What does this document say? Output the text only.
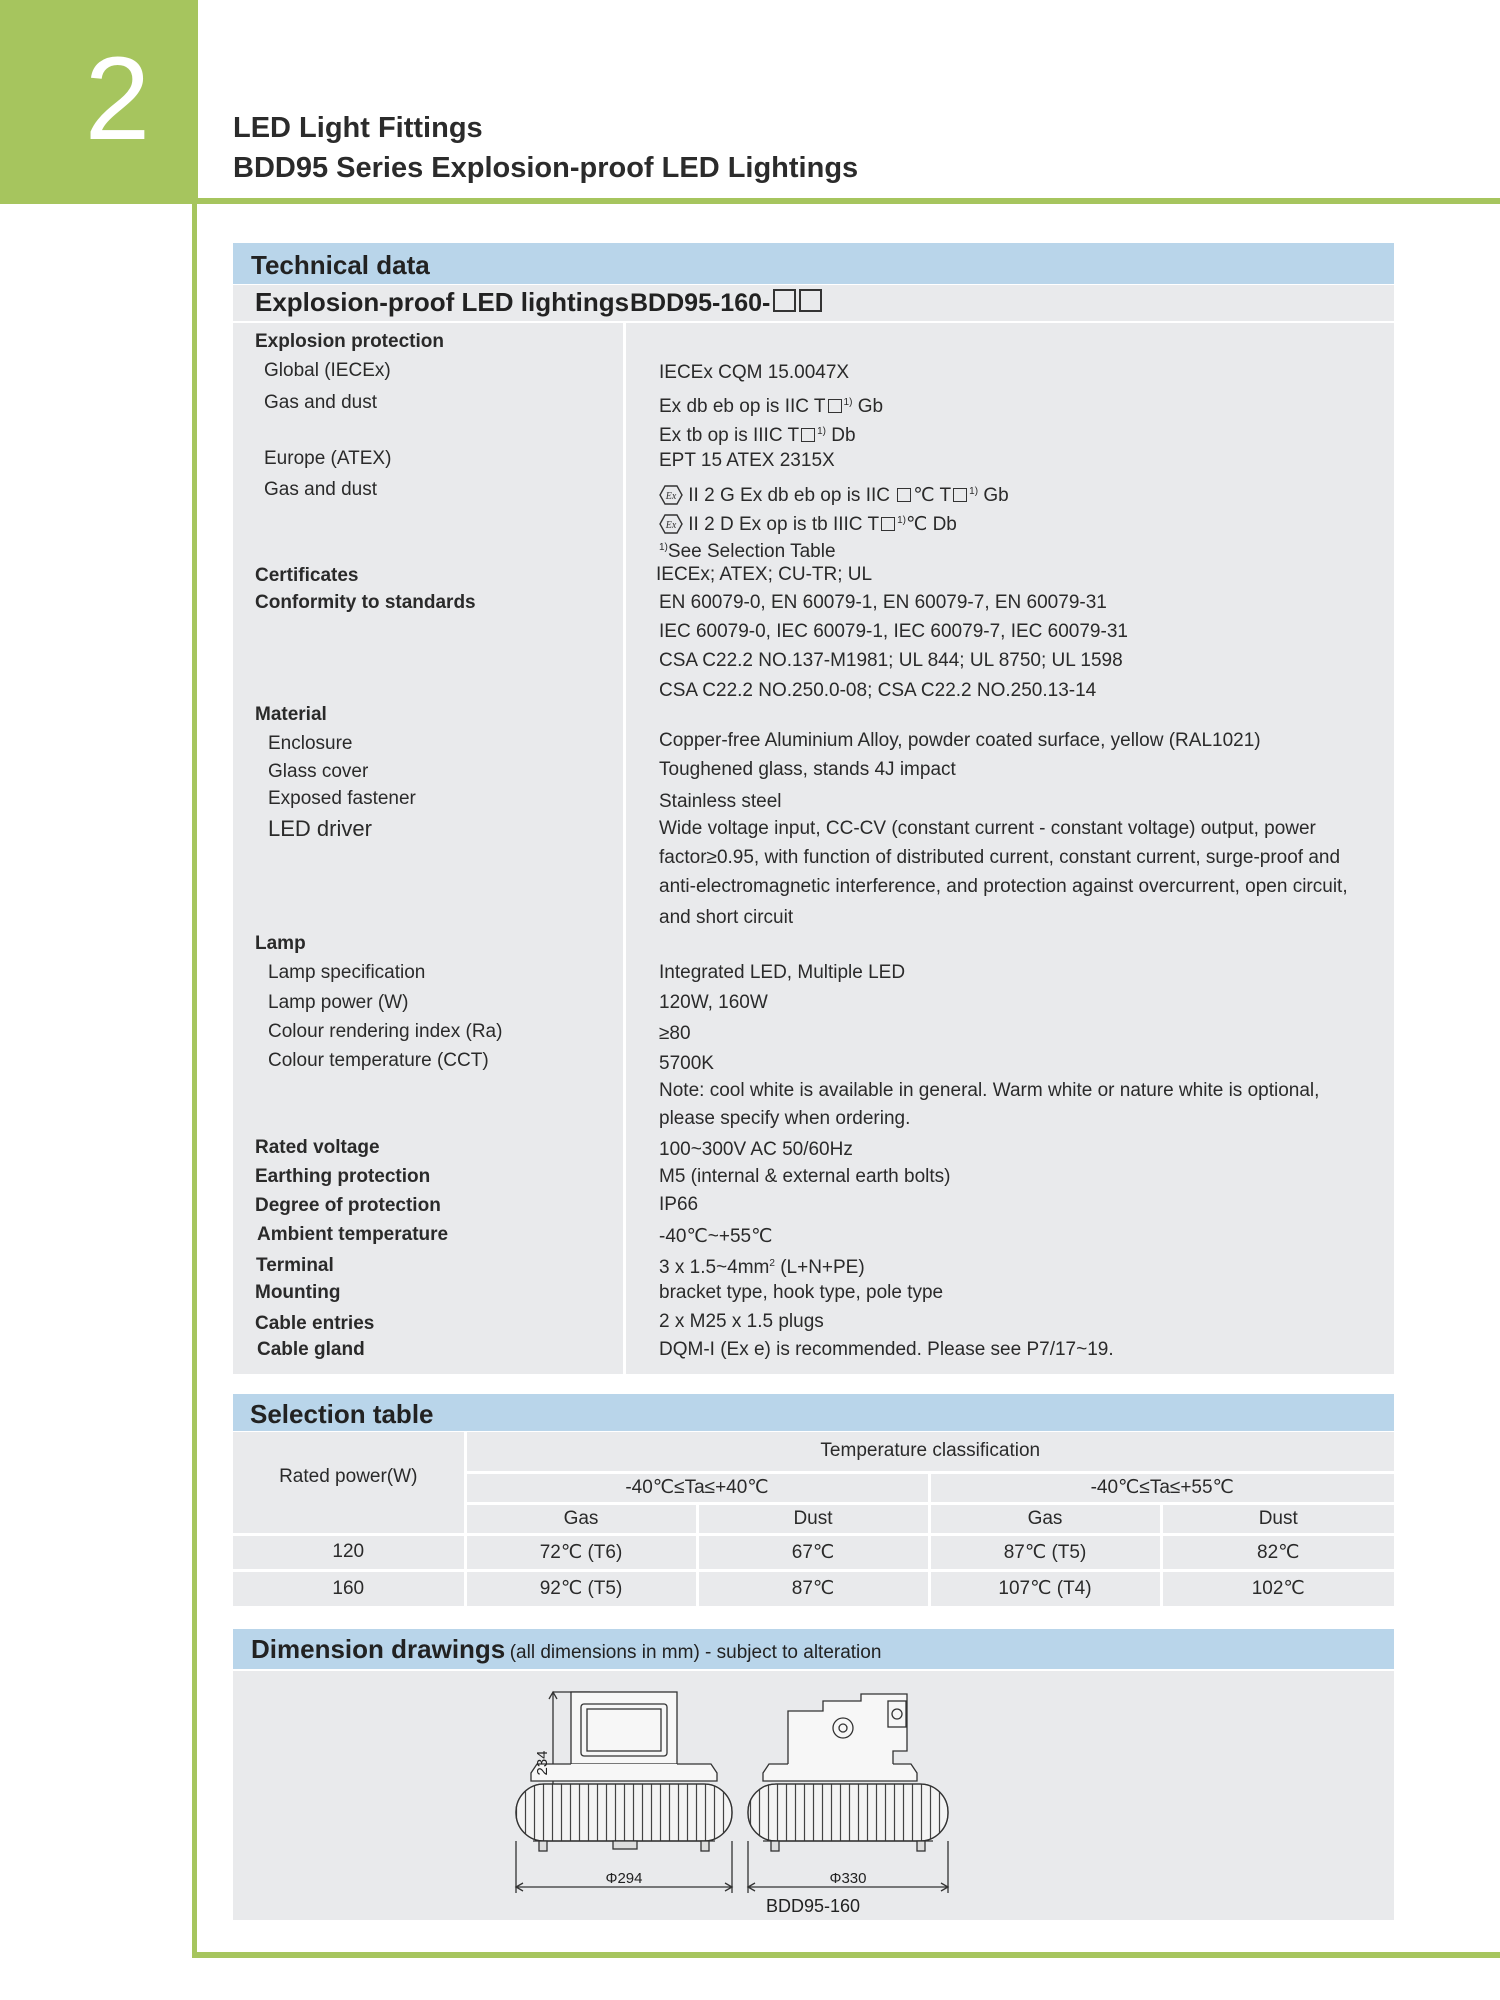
2	LED Light Fittings
BDD95 Series Explosion-proof LED Lightings
Technical data
Explosion-proof LED lightings BDD95-160-
Explosion protection
Global (IECEx)	IECEx CQM 15.0047X
Gas and dust	Ex db eb op is IIC T $^{1)}$ Gb
Ex tb op is IIIC T $^{1)}$ Db
Europe (ATEX)	EPT 15 ATEX 2315X
Gas and dust	Ex II 2 G Ex db eb op is IIC ℃ T $^{1)}$ Gb
Ex II 2 D Ex op is tb IIIC T $^{1)}$℃ Db
$^{1)}$See Selection Table
Certificates	IECEx; ATEX; CU-TR; UL
Conformity to standards	EN 60079-0, EN 60079-1, EN 60079-7, EN 60079-31
IEC 60079-0, IEC 60079-1, IEC 60079-7, IEC 60079-31
CSA C22.2 NO.137-M1981; UL 844; UL 8750; UL 1598
CSA C22.2 NO.250.0-08; CSA C22.2 NO.250.13-14
Material
Enclosure	Copper-free Aluminium Alloy, powder coated surface, yellow (RAL1021)
Glass cover	Toughened glass, stands 4J impact
Exposed fastener	Stainless steel
LED driver	Wide voltage input, CC-CV (constant current - constant voltage) output, power
factor≥0.95, with function of distributed current, constant current, surge-proof and
anti-electromagnetic interference, and protection against overcurrent, open circuit,
and short circuit
Lamp
Lamp specification	Integrated LED, Multiple LED
Lamp power (W)	120W, 160W
Colour rendering index (Ra)	≥80
Colour temperature (CCT)	5700K
Note: cool white is available in general. Warm white or nature white is optional,
please specify when ordering.
Rated voltage	100~300V AC 50/60Hz
Earthing protection	M5 (internal & external earth bolts)
Degree of protection	IP66
Ambient temperature	-40℃~+55℃
Terminal	3 x $1.5\sim 4mm^2$ (L+N+PE)
Mounting	bracket type, hook type, pole type
Cable entries	2 x M25 x 1.5 plugs
Cable gland	DQM-I (Ex e) is recommended. Please see P7/17~19.
Selection table
Rated power(W)	Temperature classification			
	-40℃≤Ta≤+40℃		-40℃≤Ta≤+55℃	
	Gas	Dust	Gas	Dust
120	72℃ (T6)	67℃	87℃ (T5)	82℃
160	92℃ (T5)	87℃	107℃ (T4)	102℃
Dimension drawings (all dimensions in mm) - subject to alteration
234
Φ294	Φ330
BDD95-160
